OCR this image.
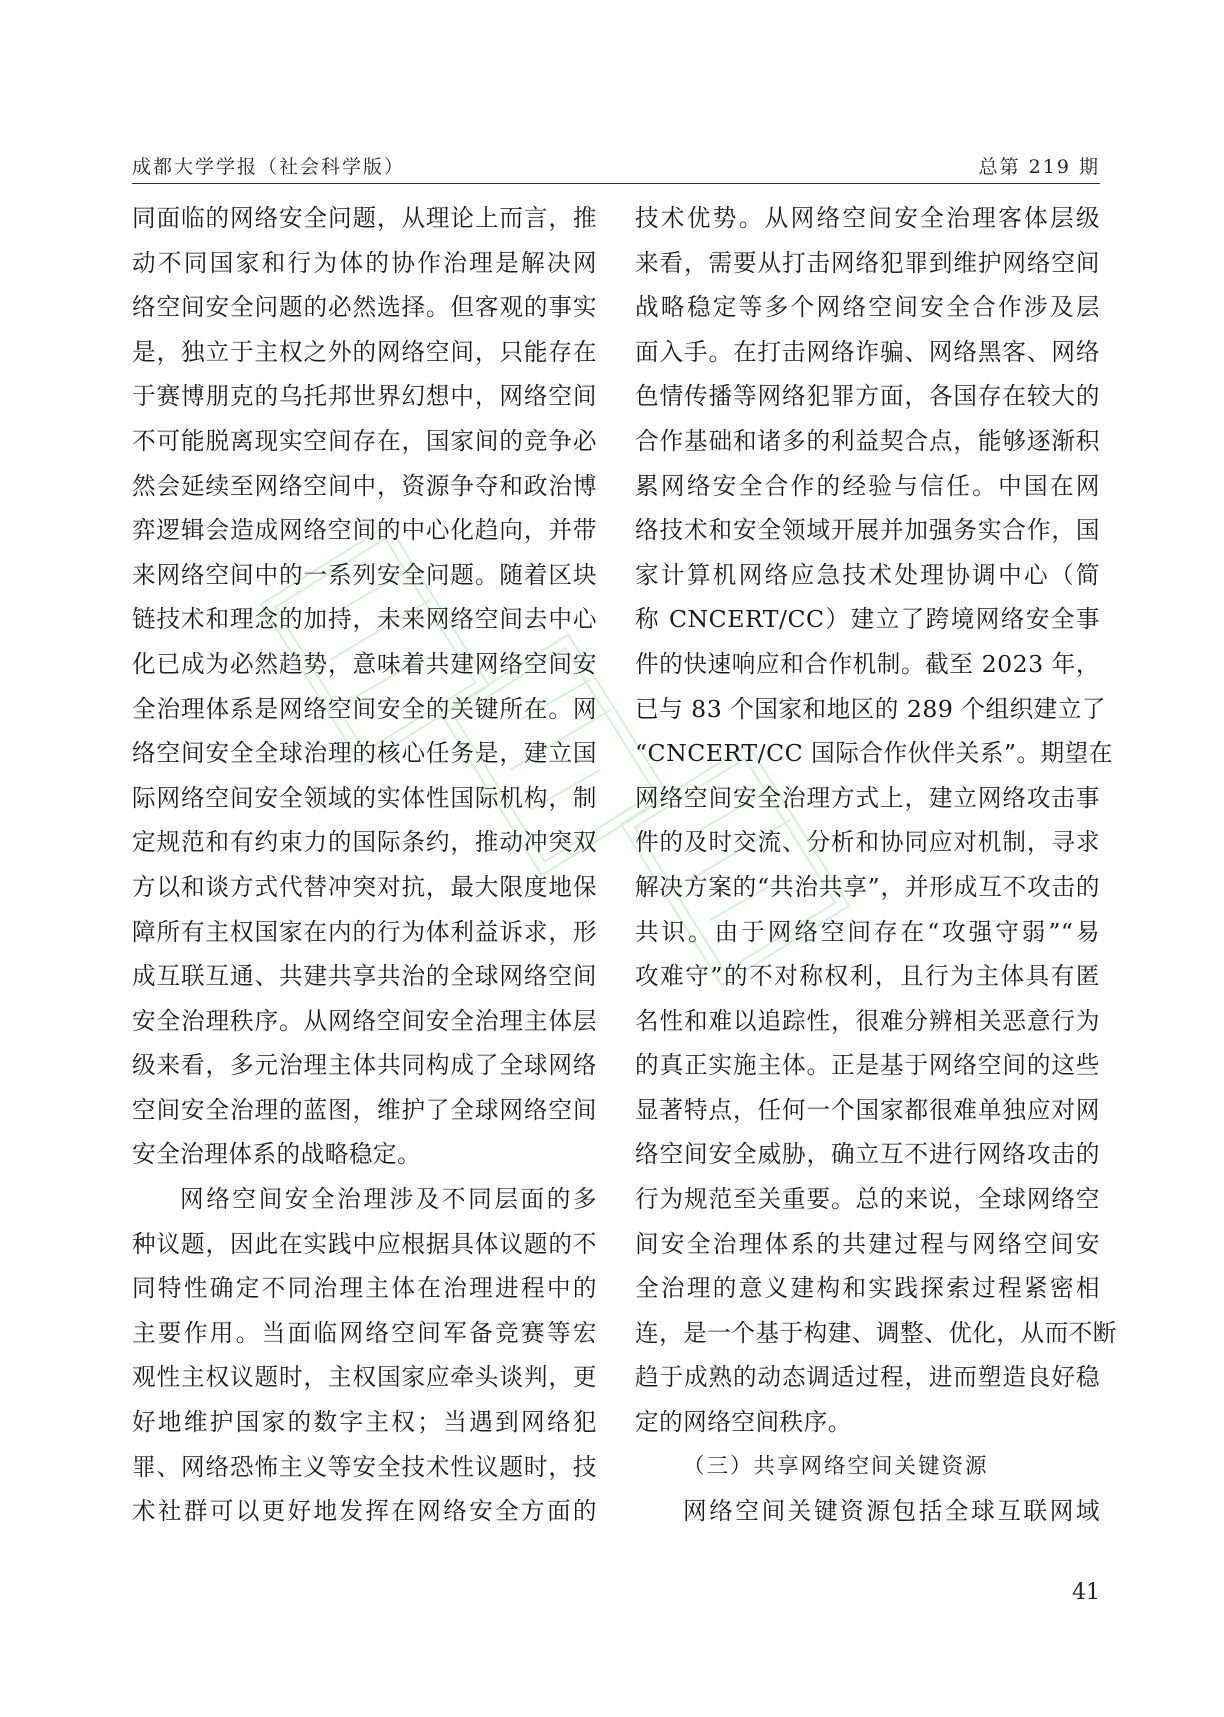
成都大学学报（社会科学版）	总第 219 期
同面临的网络安全问题，从理论上而言，推
动不同国家和行为体的协作治理是解决网
络空间安全问题的必然选择。但客观的事实
是，独立于主权之外的网络空间，只能存在
于赛博朋克的乌托邦世界幻想中，网络空间
不可能脱离现实空间存在，国家间的竞争必
然会延续至网络空间中，资源争夺和政治博
弈逻辑会造成网络空间的中心化趋向，并带
来网络空间中的一系列安全问题。随着区块
链技术和理念的加持，未来网络空间去中心
化已成为必然趋势，意味着共建网络空间安
全治理体系是网络空间安全的关键所在。网
络空间安全全球治理的核心任务是，建立国
际网络空间安全领域的实体性国际机构，制
定规范和有约束力的国际条约，推动冲突双
方以和谈方式代替冲突对抗，最大限度地保
障所有主权国家在内的行为体利益诉求，形
成互联互通、共建共享共治的全球网络空间
安全治理秩序。从网络空间安全治理主体层
级来看，多元治理主体共同构成了全球网络
空间安全治理的蓝图，维护了全球网络空间
安全治理体系的战略稳定。
网络空间安全治理涉及不同层面的多
种议题，因此在实践中应根据具体议题的不
同特性确定不同治理主体在治理进程中的
主要作用。当面临网络空间军备竞赛等宏
观性主权议题时，主权国家应牵头谈判，更
好地维护国家的数字主权；当遇到网络犯
罪、网络恐怖主义等安全技术性议题时，技
术社群可以更好地发挥在网络安全方面的
技术优势。从网络空间安全治理客体层级
来看，需要从打击网络犯罪到维护网络空间
战略稳定等多个网络空间安全合作涉及层
面入手。在打击网络诈骗、网络黑客、网络
色情传播等网络犯罪方面，各国存在较大的
合作基础和诸多的利益契合点，能够逐渐积
累网络安全合作的经验与信任。中国在网
络技术和安全领域开展并加强务实合作，国
家计算机网络应急技术处理协调中心（简
称 CNCERT/CC）建立了跨境网络安全事
件的快速响应和合作机制。截至 2023 年，
已与 83 个国家和地区的 289 个组织建立了
“CNCERT/CC 国际合作伙伴关系”。期望在
网络空间安全治理方式上，建立网络攻击事
件的及时交流、分析和协同应对机制，寻求
解决方案的“共治共享”，并形成互不攻击的
共识。由于网络空间存在“攻强守弱”“易
攻难守”的不对称权利，且行为主体具有匿
名性和难以追踪性，很难分辨相关恶意行为
的真正实施主体。正是基于网络空间的这些
显著特点，任何一个国家都很难单独应对网
络空间安全威胁，确立互不进行网络攻击的
行为规范至关重要。总的来说，全球网络空
间安全治理体系的共建过程与网络空间安
全治理的意义建构和实践探索过程紧密相
连，是一个基于构建、调整、优化，从而不断
趋于成熟的动态调适过程，进而塑造良好稳
定的网络空间秩序。
（三）共享网络空间关键资源
网络空间关键资源包括全球互联网域
41
